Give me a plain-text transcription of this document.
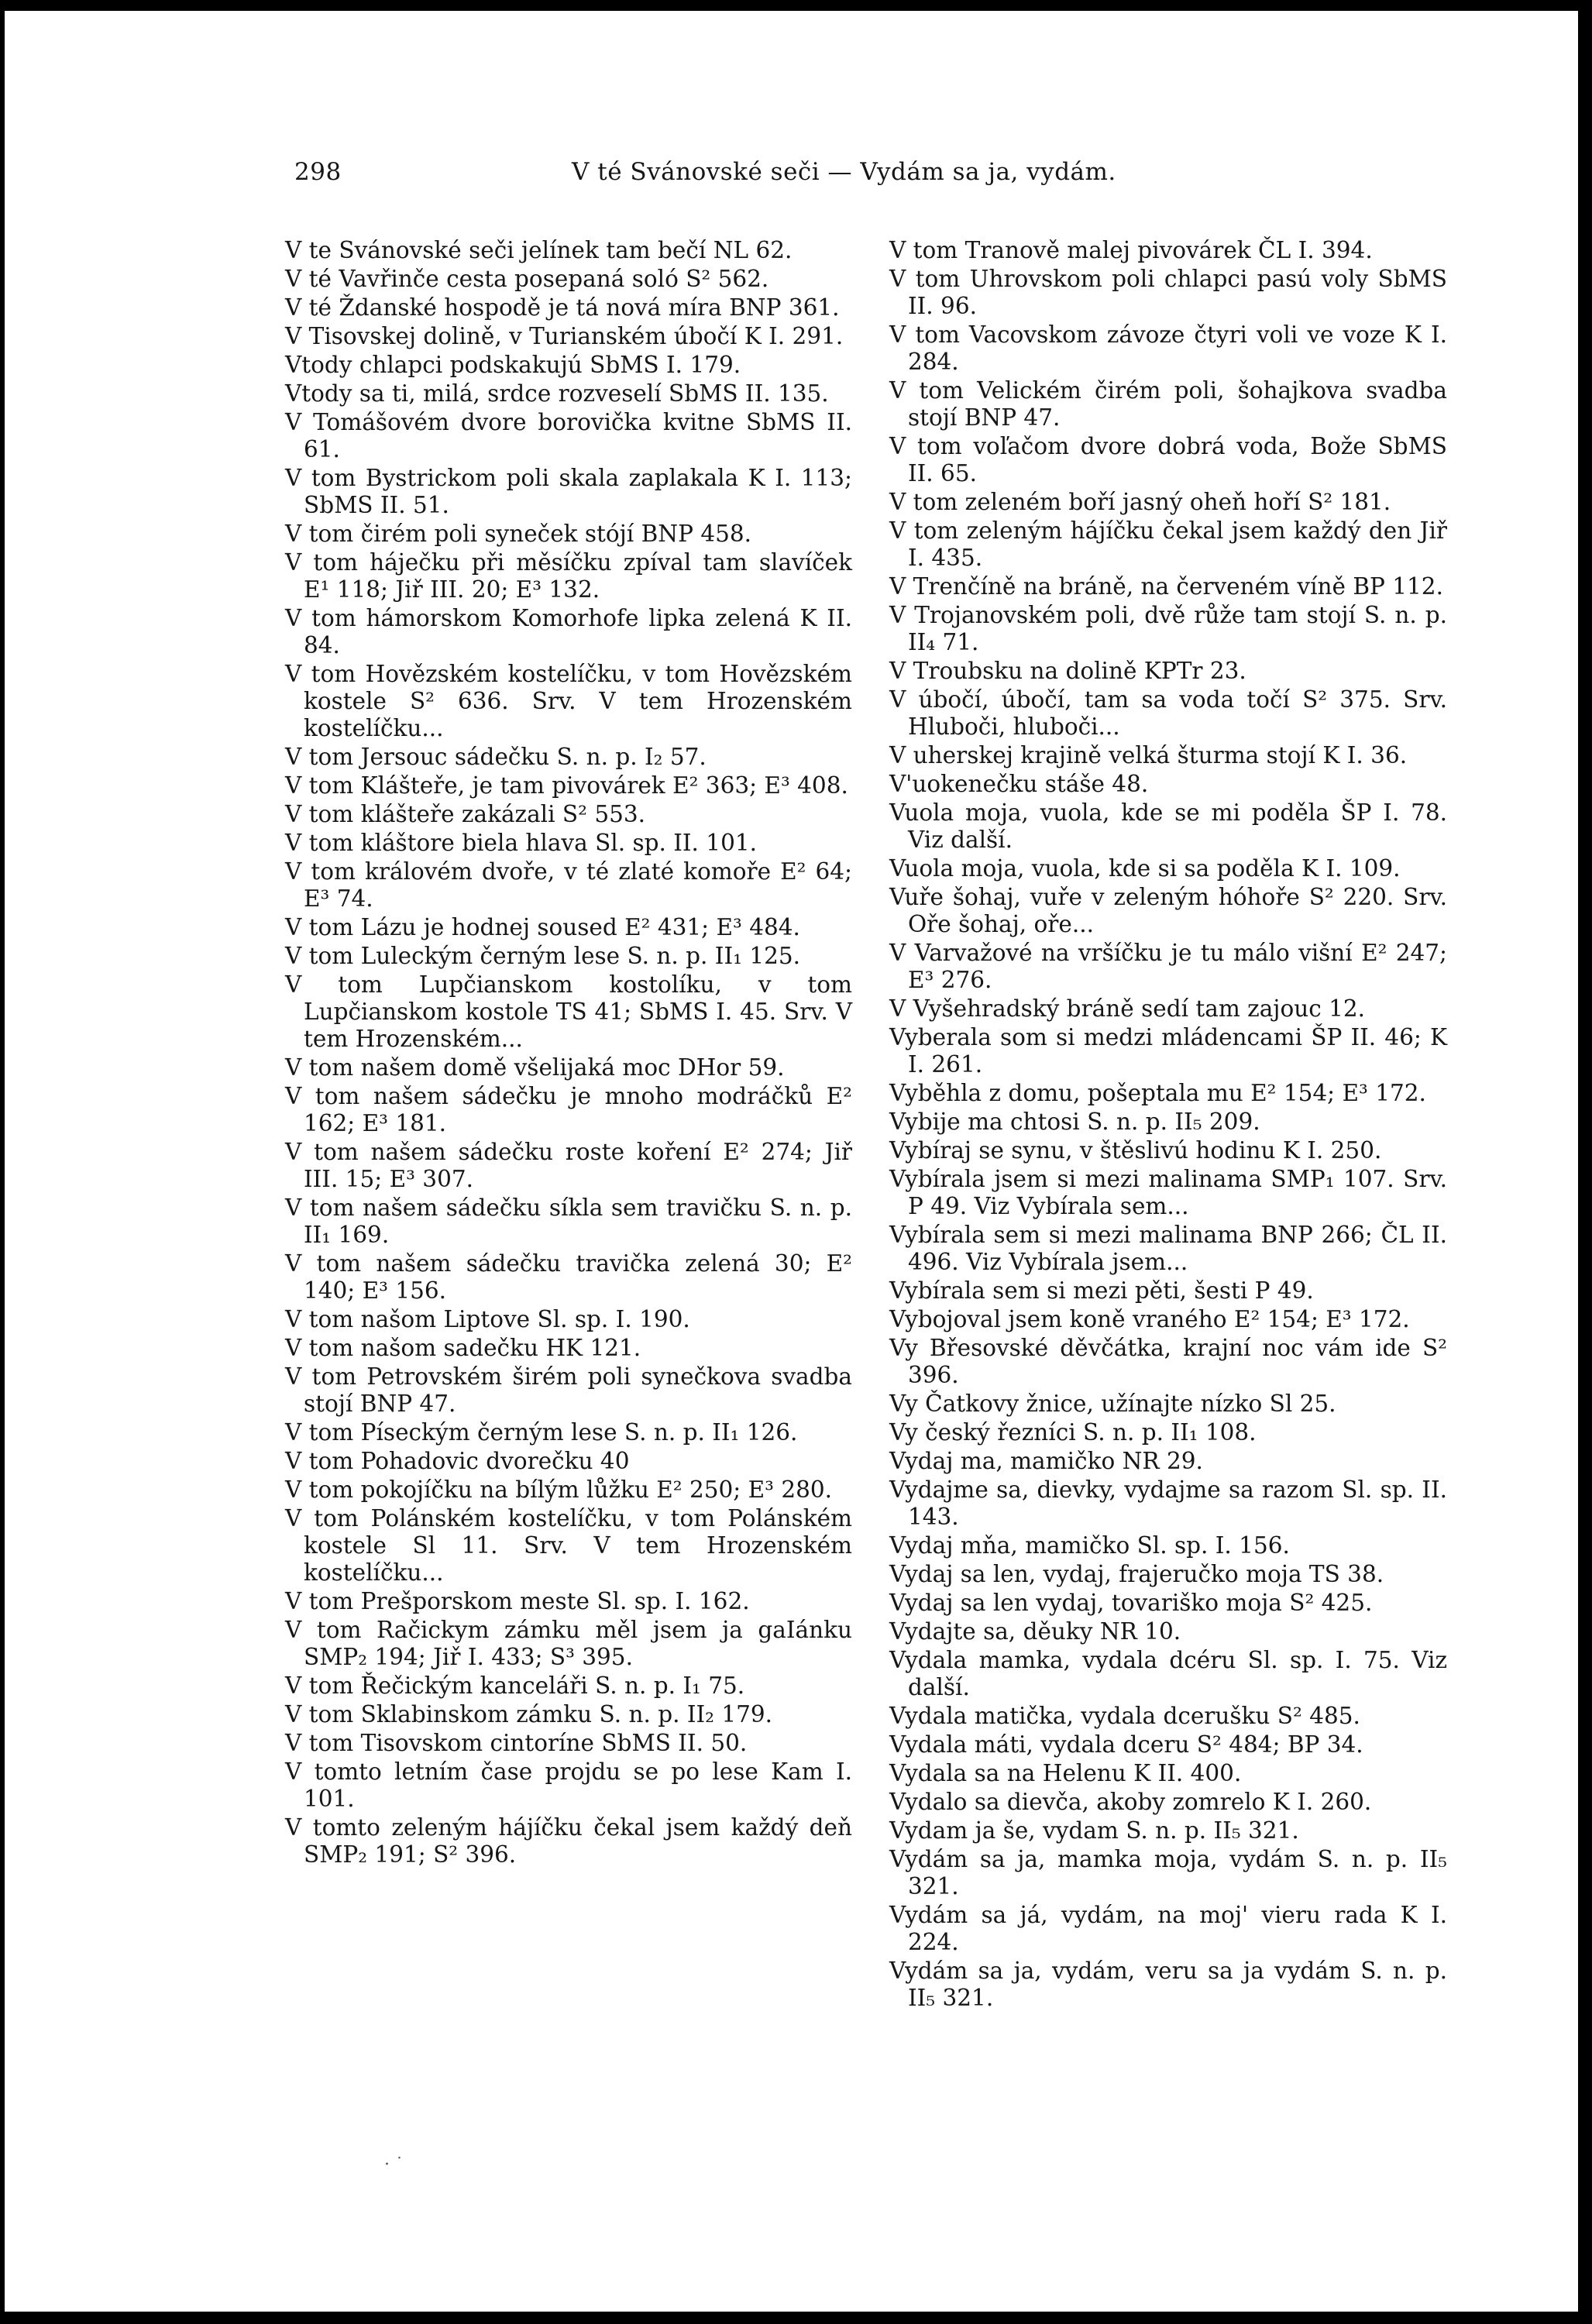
298	V té Svánovské seči — Vydám sa ja, vydám.

V te Svánovské seči jelínek tam bečí NL 62.

V té Vavřinče cesta posepaná soló S² 562.

V té Ždanské hospodě je tá nová míra BNP 361.

V Tisovskej dolině, v Turianském úbočí K I. 291.

Vtody chlapci podskakujú SbMS I. 179.

Vtody sa ti, milá, srdce rozveselí SbMS II. 135.

V Tomášovém dvore borovička kvitne SbMS II. 61.

V tom Bystrickom poli skala zaplakala K I. 113; SbMS II. 51.

V tom čirém poli syneček stójí BNP 458.

V tom háječku při měsíčku zpíval tam slavíček E¹ 118; Jiř III. 20; E³ 132.

V tom hámorskom Komorhofe lipka zelená K II. 84.

V tom Hovězském kostelíčku, v tom Hovězském kostele S² 636. Srv. V tem Hrozenském kostelíčku...

V tom Jersouc sádečku S. n. p. I₂ 57.

V tom Klášteře, je tam pivovárek E² 363; E³ 408.

V tom klášteře zakázali S² 553.

V tom kláštore biela hlava Sl. sp. II. 101.

V tom královém dvoře, v té zlaté komoře E² 64; E³ 74.

V tom Lázu je hodnej soused E² 431; E³ 484.

V tom Luleckým černým lese S. n. p. II₁ 125.

V tom Lupčianskom kostolíku, v tom Lupčianskom kostole TS 41; SbMS I. 45. Srv. V tem Hrozenském...

V tom našem domě všelijaká moc DHor 59.

V tom našem sádečku je mnoho modráčků E² 162; E³ 181.

V tom našem sádečku roste koření E² 274; Jiř III. 15; E³ 307.

V tom našem sádečku síkla sem travičku S. n. p. II₁ 169.

V tom našem sádečku travička zelená 30; E² 140; E³ 156.

V tom našom Liptove Sl. sp. I. 190.

V tom našom sadečku HK 121.

V tom Petrovském širém poli synečkova svadba stojí BNP 47.

V tom Píseckým černým lese S. n. p. II₁ 126.

V tom Pohadovic dvorečku 40

V tom pokojíčku na bílým lůžku E² 250; E³ 280.

V tom Polánském kostelíčku, v tom Polánském kostele Sl 11. Srv. V tem Hrozenském kostelíčku...

V tom Prešporskom meste Sl. sp. I. 162.

V tom Račickym zámku měl jsem ja gaIánku SMP₂ 194; Jiř I. 433; S³ 395.

V tom Řečickým kanceláři S. n. p. I₁ 75.

V tom Sklabinskom zámku S. n. p. II₂ 179.

V tom Tisovskom cintoríne SbMS II. 50.

V tomto letním čase projdu se po lese Kam I. 101.

V tomto zeleným hájíčku čekal jsem každý deň SMP₂ 191; S² 396.

V tom Tranově malej pivovárek ČL I. 394.

V tom Uhrovskom poli chlapci pasú voly SbMS II. 96.

V tom Vacovskom závoze čtyri voli ve voze K I. 284.

V tom Velickém čirém poli, šohajkova svadba stojí BNP 47.

V tom voľačom dvore dobrá voda, Bože SbMS II. 65.

V tom zeleném boří jasný oheň hoří S² 181.

V tom zeleným hájíčku čekal jsem každý den Jiř I. 435.

V Trenčíně na bráně, na červeném víně BP 112.

V Trojanovském poli, dvě růže tam stojí S. n. p. II₄ 71.

V Troubsku na dolině KPTr 23.

V úbočí, úbočí, tam sa voda točí S² 375. Srv. Hluboči, hluboči...

V uherskej krajině velká šturma stojí K I. 36.

V'uokenečku stáše 48.

Vuola moja, vuola, kde se mi poděla ŠP I. 78. Viz další.

Vuola moja, vuola, kde si sa poděla K I. 109.

Vuře šohaj, vuře v zeleným hóhoře S² 220. Srv. Oře šohaj, oře...

V Varvažové na vršíčku je tu málo višní E² 247; E³ 276.

V Vyšehradský bráně sedí tam zajouc 12.

Vyberala som si medzi mládencami ŠP II. 46; K I. 261.

Vyběhla z domu, pošeptala mu E² 154; E³ 172.

Vybije ma chtosi S. n. p. II₅ 209.

Vybíraj se synu, v štěslivú hodinu K I. 250.

Vybírala jsem si mezi malinama SMP₁ 107. Srv. P 49. Viz Vybírala sem...

Vybírala sem si mezi malinama BNP 266; ČL II. 496. Viz Vybírala jsem...

Vybírala sem si mezi pěti, šesti P 49.

Vybojoval jsem koně vraného E² 154; E³ 172.

Vy Břesovské děvčátka, krajní noc vám ide S² 396.

Vy Čatkovy žnice, užínajte nízko Sl 25.

Vy český řezníci S. n. p. II₁ 108.

Vydaj ma, mamičko NR 29.

Vydajme sa, dievky, vydajme sa razom Sl. sp. II. 143.

Vydaj mňa, mamičko Sl. sp. I. 156.

Vydaj sa len, vydaj, frajeručko moja TS 38.

Vydaj sa len vydaj, tovariško moja S² 425.

Vydajte sa, děuky NR 10.

Vydala mamka, vydala dcéru Sl. sp. I. 75. Viz další.

Vydala matička, vydala dcerušku S² 485.

Vydala máti, vydala dceru S² 484; BP 34.

Vydala sa na Helenu K II. 400.

Vydalo sa dievča, akoby zomrelo K I. 260.

Vydam ja še, vydam S. n. p. II₅ 321.

Vydám sa ja, mamka moja, vydám S. n. p. II₅ 321.

Vydám sa já, vydám, na moj' vieru rada K I. 224.

Vydám sa ja, vydám, veru sa ja vydám S. n. p. II₅ 321.

· ˙
